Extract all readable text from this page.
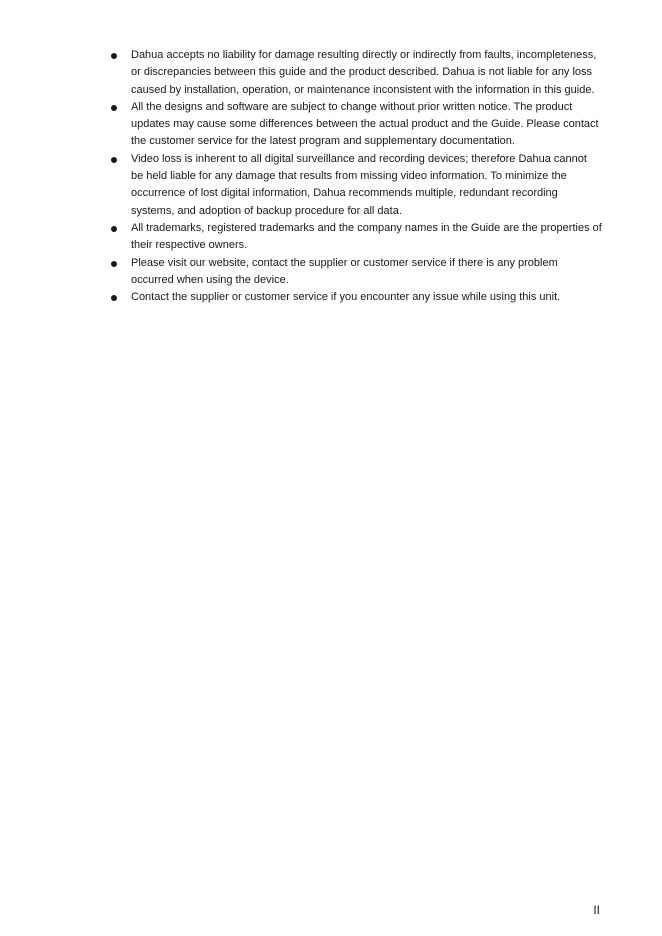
Dahua accepts no liability for damage resulting directly or indirectly from faults, incompleteness, or discrepancies between this guide and the product described. Dahua is not liable for any loss caused by installation, operation, or maintenance inconsistent with the information in this guide.
All the designs and software are subject to change without prior written notice. The product updates may cause some differences between the actual product and the Guide. Please contact the customer service for the latest program and supplementary documentation.
Video loss is inherent to all digital surveillance and recording devices; therefore Dahua cannot be held liable for any damage that results from missing video information. To minimize the occurrence of lost digital information, Dahua recommends multiple, redundant recording systems, and adoption of backup procedure for all data.
All trademarks, registered trademarks and the company names in the Guide are the properties of their respective owners.
Please visit our website, contact the supplier or customer service if there is any problem occurred when using the device.
Contact the supplier or customer service if you encounter any issue while using this unit.
II
